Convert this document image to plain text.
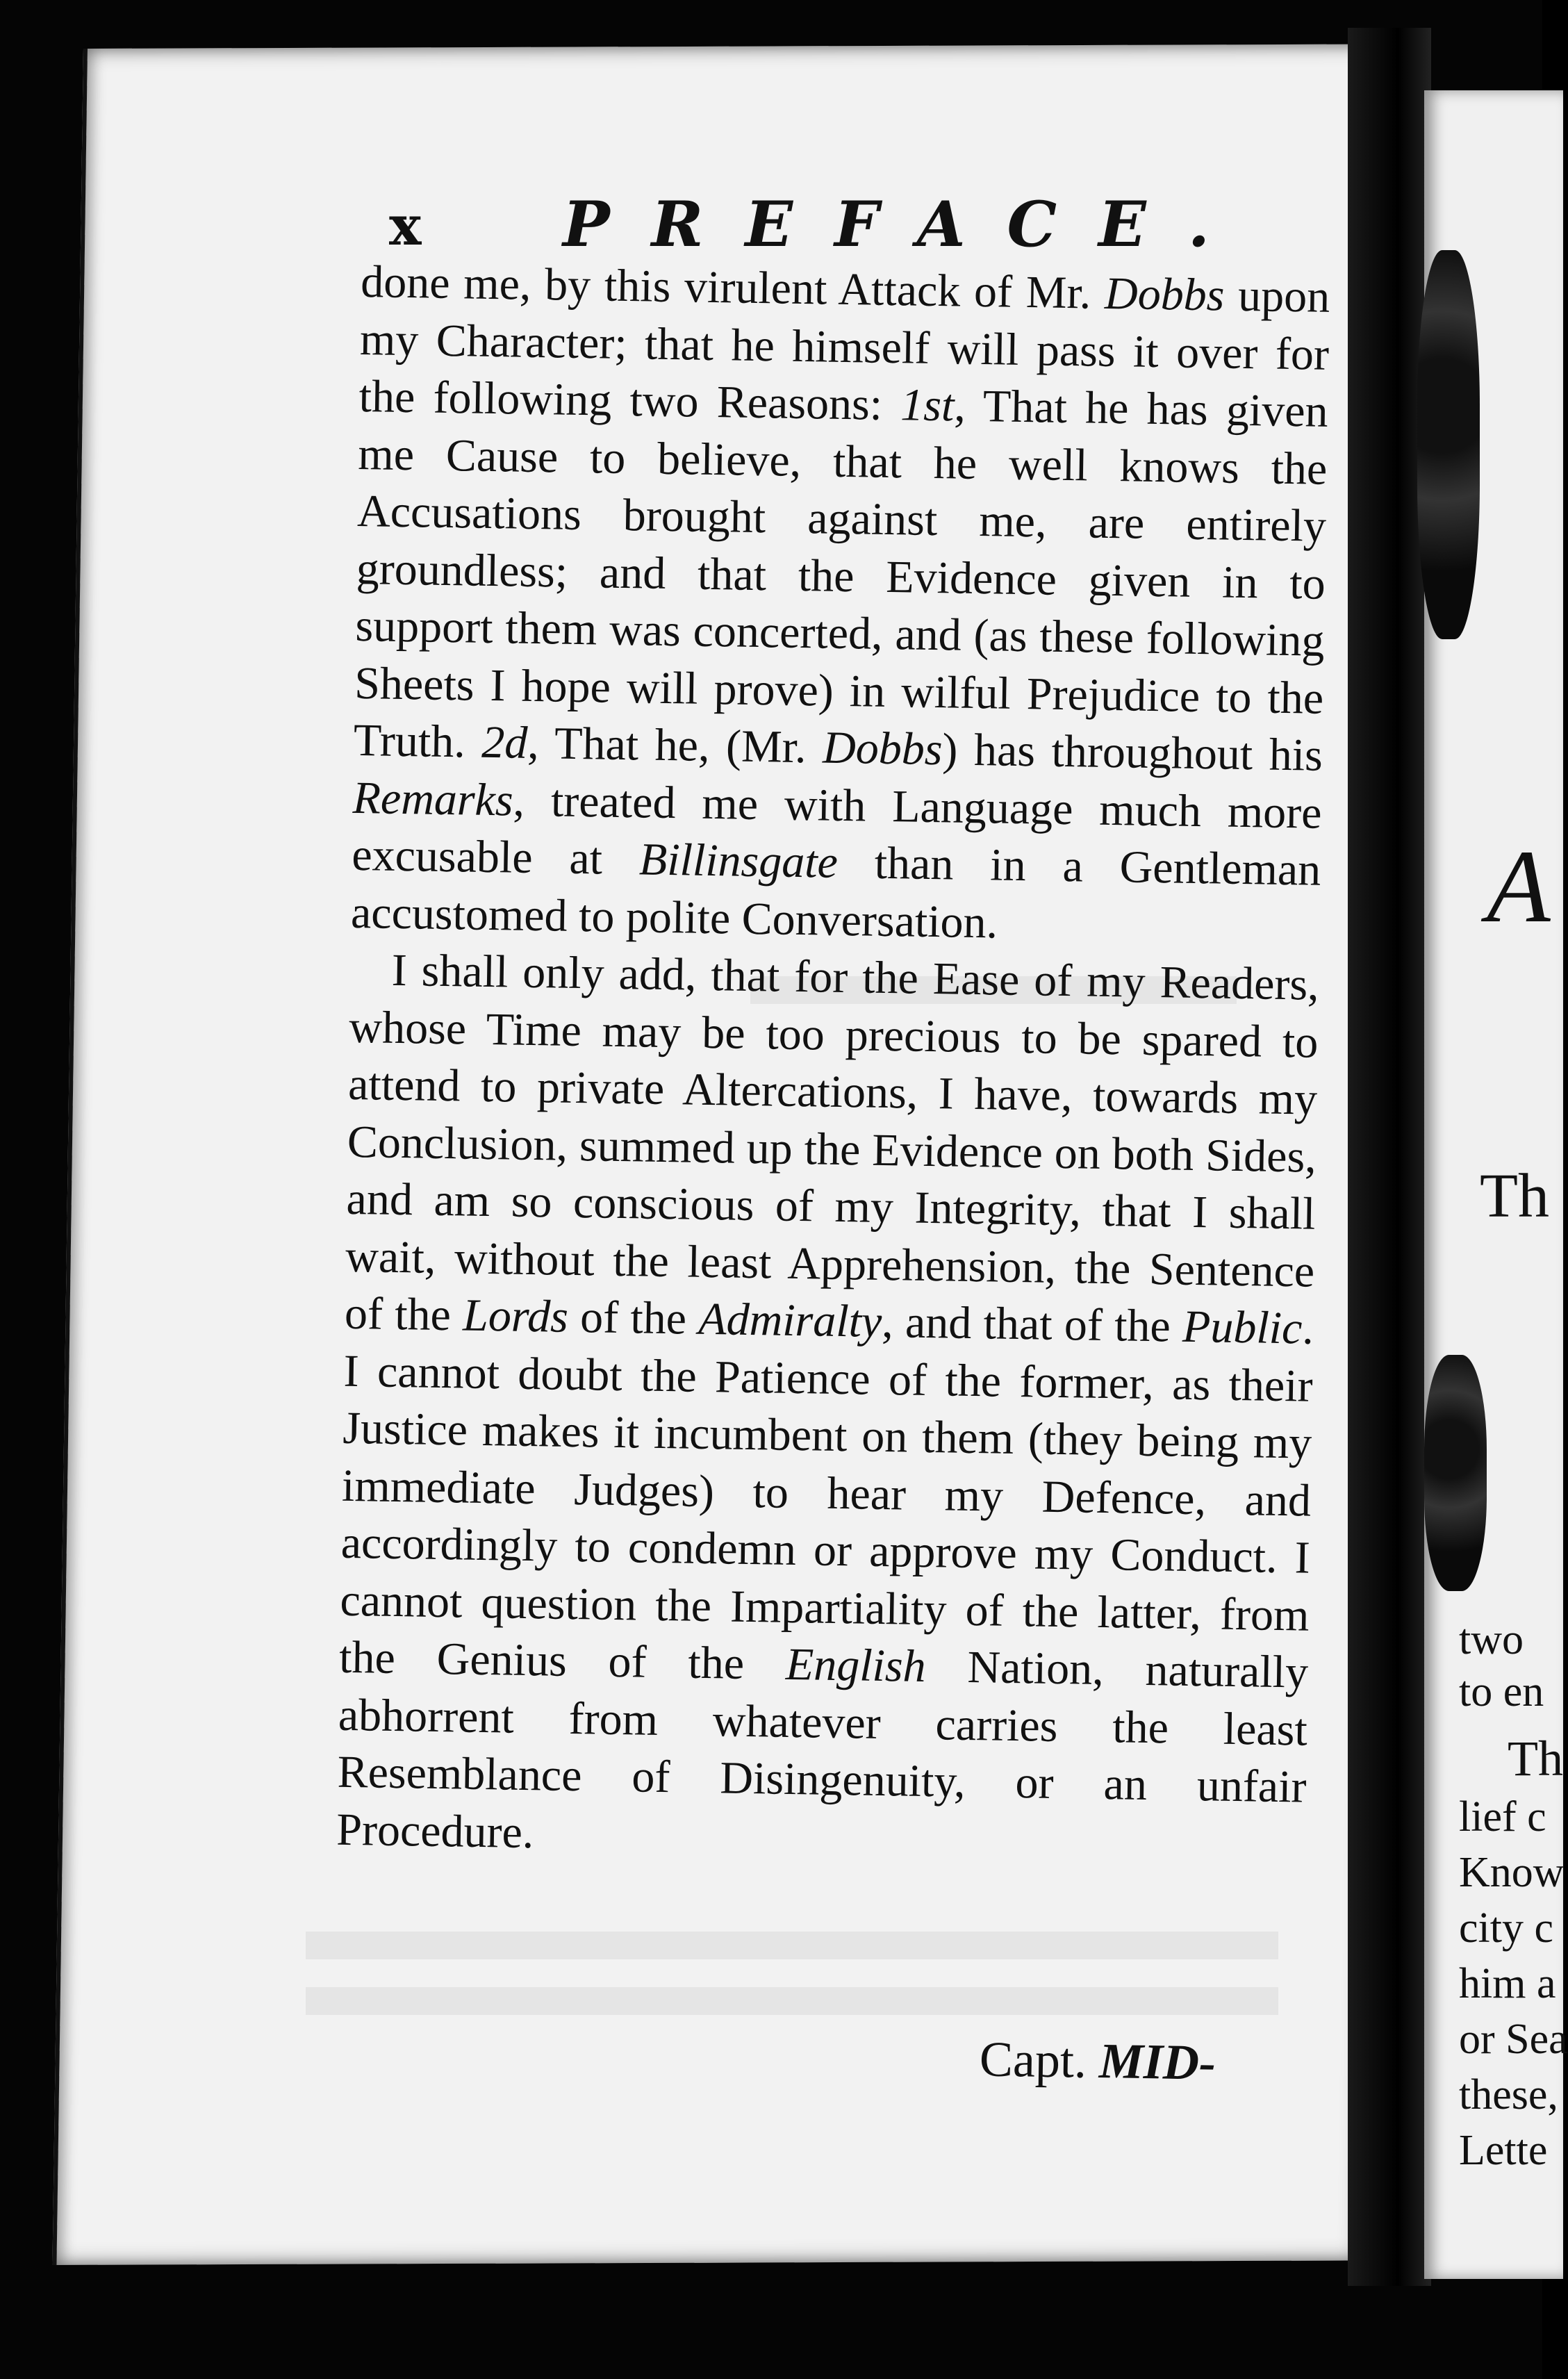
A
Th
two
to en
Th
lief c
Know
city c
him a
or Sea
these,
Lette
x PREFACE.

done me, by this virulent Attack of Mr. Dobbs upon my Character; that he himself will pass it over for the following two Reasons: 1st, That he has given me Cause to believe, that he well knows the Accusations brought against me, are entirely groundless; and that the Evidence given in to support them was concerted, and (as these following Sheets I hope will prove) in wilful Prejudice to the Truth. 2d, That he, (Mr. Dobbs) has throughout his Remarks, treated me with Language much more excusable at Billinsgate than in a Gentleman accustomed to polite Conversation.

I shall only add, that for the Ease of my Readers, whose Time may be too precious to be spared to attend to private Altercations, I have, towards my Conclusion, summed up the Evidence on both Sides, and am so conscious of my Integrity, that I shall wait, without the least Apprehension, the Sentence of the Lords of the Admiralty, and that of the Public. I cannot doubt the Patience of the former, as their Justice makes it incumbent on them (they being my immediate Judges) to hear my Defence, and accordingly to condemn or approve my Conduct. I cannot question the Impartiality of the latter, from the Genius of the English Nation, naturally abhorrent from whatever carries the least Resemblance of Disingenuity, or an unfair Procedure.

Capt. MID-
